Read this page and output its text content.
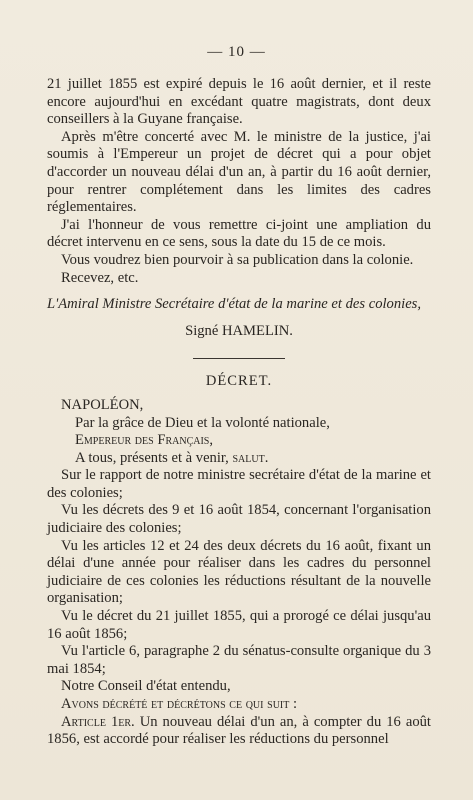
— 10 —

21 juillet 1855 est expiré depuis le 16 août dernier, et il reste encore aujourd'hui en excédant quatre magistrats, dont deux conseillers à la Guyane française.

Après m'être concerté avec M. le ministre de la justice, j'ai soumis à l'Empereur un projet de décret qui a pour objet d'accorder un nouveau délai d'un an, à partir du 16 août dernier, pour rentrer complétement dans les limites des cadres réglementaires.

J'ai l'honneur de vous remettre ci-joint une ampliation du décret intervenu en ce sens, sous la date du 15 de ce mois.

Vous voudrez bien pourvoir à sa publication dans la colonie.

Recevez, etc.

L'Amiral Ministre Secrétaire d'état de la marine et des colonies,

Signé HAMELIN.

DÉCRET.

NAPOLÉON,

Par la grâce de Dieu et la volonté nationale,

Empereur des Français,

A tous, présents et à venir, salut.

Sur le rapport de notre ministre secrétaire d'état de la marine et des colonies;

Vu les décrets des 9 et 16 août 1854, concernant l'organisation judiciaire des colonies;

Vu les articles 12 et 24 des deux décrets du 16 août, fixant un délai d'une année pour réaliser dans les cadres du personnel judiciaire de ces colonies les réductions résultant de la nouvelle organisation;

Vu le décret du 21 juillet 1855, qui a prorogé ce délai jusqu'au 16 août 1856;

Vu l'article 6, paragraphe 2 du sénatus-consulte organique du 3 mai 1854;

Notre Conseil d'état entendu,

Avons décrété et décrétons ce qui suit :

Article 1er. Un nouveau délai d'un an, à compter du 16 août 1856, est accordé pour réaliser les réductions du personnel
